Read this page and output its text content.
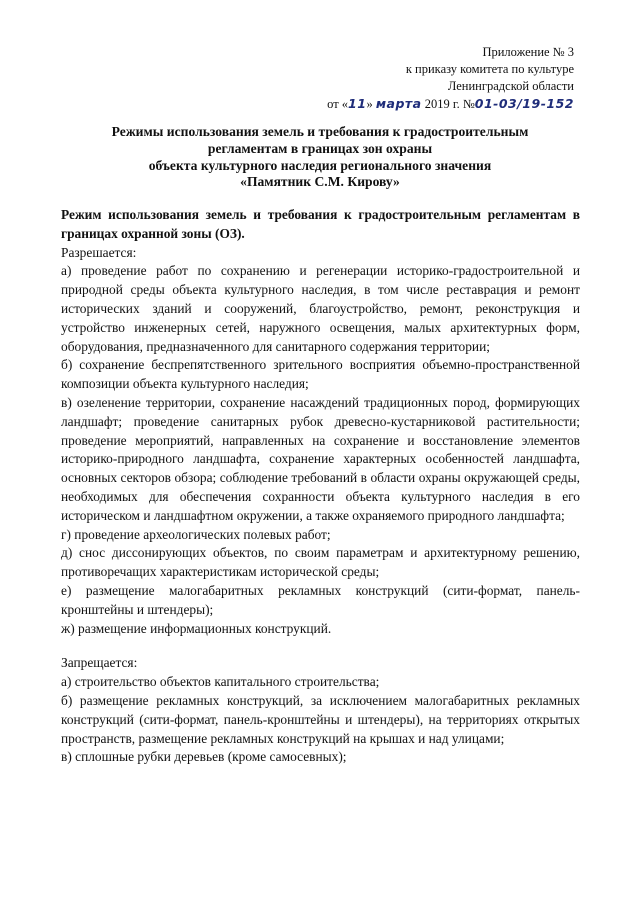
Приложение № 3
к приказу комитета по культуре
Ленинградской области
от «11» марта 2019 г. №01-03/19-152
Режимы использования земель и требования к градостроительным
регламентам в границах зон охраны
объекта культурного наследия регионального значения
«Памятник С.М. Кирову»

Режим использования земель и требования к градостроительным регламентам в границах охранной зоны (ОЗ).

Разрешается:

а) проведение работ по сохранению и регенерации историко-градостроительной и природной среды объекта культурного наследия, в том числе реставрация и ремонт исторических зданий и сооружений, благоустройство, ремонт, реконструкция и устройство инженерных сетей, наружного освещения, малых архитектурных форм, оборудования, предназначенного для санитарного содержания территории;

б) сохранение беспрепятственного зрительного восприятия объемно-пространственной композиции объекта культурного наследия;

в) озеленение территории, сохранение насаждений традиционных пород, формирующих ландшафт; проведение санитарных рубок древесно-кустарниковой растительности; проведение мероприятий, направленных на сохранение и восстановление элементов историко-природного ландшафта, сохранение характерных особенностей ландшафта, основных секторов обзора; соблюдение требований в области охраны окружающей среды, необходимых для обеспечения сохранности объекта культурного наследия в его историческом и ландшафтном окружении, а также охраняемого природного ландшафта;

г) проведение археологических полевых работ;

д) снос диссонирующих объектов, по своим параметрам и архитектурному решению, противоречащих характеристикам исторической среды;

е) размещение малогабаритных рекламных конструкций (сити-формат, панель-кронштейны и штендеры);

ж) размещение информационных конструкций.

Запрещается:

а) строительство объектов капитального строительства;

б) размещение рекламных конструкций, за исключением малогабаритных рекламных конструкций (сити-формат, панель-кронштейны и штендеры), на территориях открытых пространств, размещение рекламных конструкций на крышах и над улицами;

в) сплошные рубки деревьев (кроме самосевных);
